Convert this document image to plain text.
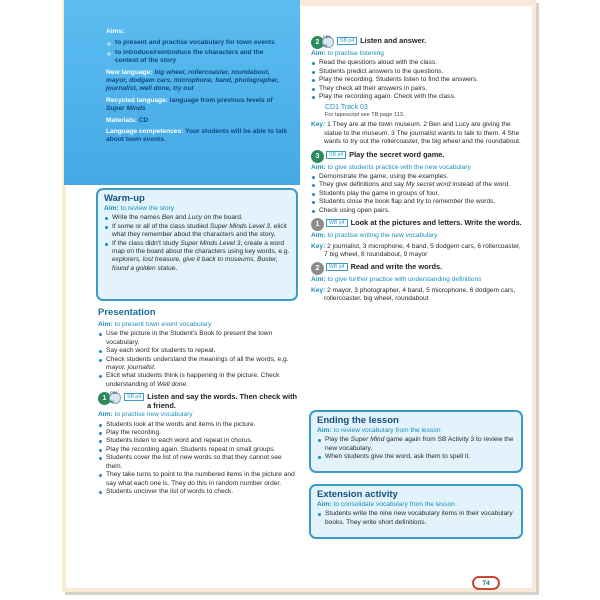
Aims:

to present and practise vocabulary for town events
to introduce/reintroduce the characters and the context of the story

New language: big wheel, rollercoaster, roundabout, mayor, dodgem cars, microphone, band, photographer, journalist, well done, try out

Recycled language: language from previous levels of Super Minds

Materials: CD

Language competences: Your students will be able to talk about town events.

Warm-up
Aim: to review the story
Write the names Ben and Lucy on the board.
If some or all of the class studied Super Minds Level 3, elicit what they remember about the characters and the story.
If the class didn't study Super Minds Level 3, create a word map on the board about the characters using key words, e.g. explorers, lost treasure, give it back to museums, Buster, found a golden statue.
Presentation
Aim: to present town event vocabulary
Use the picture in the Student's Book to present the town vocabulary.
Say each word for students to repeat.
Check students understand the meanings of all the words, e.g. mayor, journalist.
Elicit what students think is happening in the picture. Check understanding of Well done.
1
CD1 02
SB p4 Listen and say the words. Then check with a friend.
Aim: to practise new vocabulary
Students look at the words and items in the picture.
Play the recording.
Students listen to each word and repeat in chorus.
Play the recording again. Students repeat in small groups.
Students cover the list of new words so that they cannot see them.
They take turns to point to the numbered items in the picture and say what each one is. They do this in random number order.
Students uncover the list of words to check.
2
CD1 03
SB p4 Listen and answer.
Aim: to practise listening
Read the questions aloud with the class.
Students predict answers to the questions.
Play the recording. Students listen to find the answers.
They check all their answers in pairs.
Play the recording again. Check with the class.
CD1 Track 03
For tapescript see TB page 113.
Key: 1 They are at the town museum. 2 Ben and Lucy are giving the statue to the museum. 3 The journalist wants to talk to them. 4 She wants to try out the rollercoaster, the big wheel and the roundabout.
3	SB p4 Play the secret word game.
Aim: to give students practice with the new vocabulary
Demonstrate the game, using the examples.
They give definitions and say My secret word instead of the word.
Students play the game in groups of four.
Students close the book flap and try to remember the words.
Check using open pairs.
1	WB p4 Look at the pictures and letters. Write the words.
Aim: to practise writing the new vocabulary
Key: 2 journalist, 3 microphone, 4 band, 5 dodgem cars, 6 rollercoaster, 7 big wheel, 8 roundabout, 9 mayor
2	WB p4 Read and write the words.
Aim: to give further practice with understanding definitions
Key: 2 mayor, 3 photographer, 4 band, 5 microphone, 6 dodgem cars, rollercoaster, big wheel, roundabout
Ending the lesson
Aim: to review vocabulary from the lesson
Play the Super Mind game again from SB Activity 3 to review the new vocabulary.
When students give the word, ask them to spell it.
Extension activity
Aim: to consolidate vocabulary from the lesson
Students write the nine new vocabulary items in their vocabulary books. They write short definitions.
T4
